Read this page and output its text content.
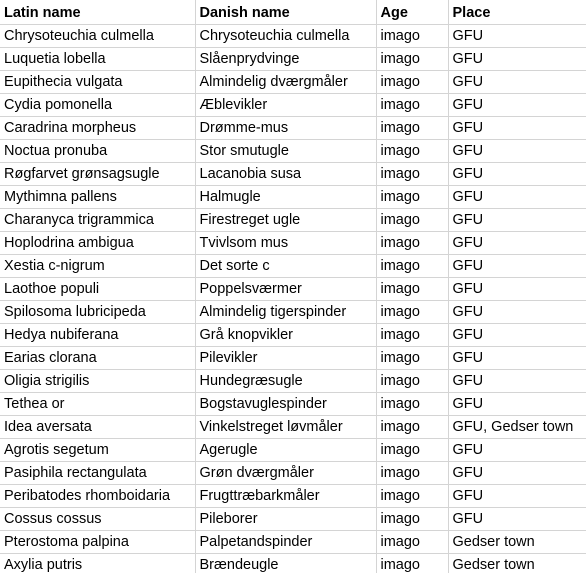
Latin name	Danish name	Age	Place
Chrysoteuchia culmella	Chrysoteuchia culmella	imago	GFU
Luquetia lobella	Slåenprydvinge	imago	GFU
Eupithecia vulgata	Almindelig dværgmåler	imago	GFU
Cydia pomonella	Æblevikler	imago	GFU
Caradrina morpheus	Drømme-mus	imago	GFU
Noctua pronuba	Stor smutugle	imago	GFU
Røgfarvet grønsagsugle	Lacanobia susa	imago	GFU
Mythimna pallens	Halmugle	imago	GFU
Charanyca trigrammica	Firestreget ugle	imago	GFU
Hoplodrina ambigua	Tvivlsom mus	imago	GFU
Xestia c-nigrum	Det sorte c	imago	GFU
Laothoe populi	Poppelsværmer	imago	GFU
Spilosoma lubricipeda	Almindelig tigerspinder	imago	GFU
Hedya nubiferana	Grå knopvikler	imago	GFU
Earias clorana	Pilevikler	imago	GFU
Oligia strigilis	Hundegræsugle	imago	GFU
Tethea or	Bogstavuglespinder	imago	GFU
Idea aversata	Vinkelstreget løvmåler	imago	GFU, Gedser town
Agrotis segetum	Agerugle	imago	GFU
Pasiphila rectangulata	Grøn dværgmåler	imago	GFU
Peribatodes rhomboidaria	Frugttræbarkmåler	imago	GFU
Cossus cossus	Pileborer	imago	GFU
Pterostoma palpina	Palpetandspinder	imago	Gedser town
Axylia putris	Brændeugle	imago	Gedser town
